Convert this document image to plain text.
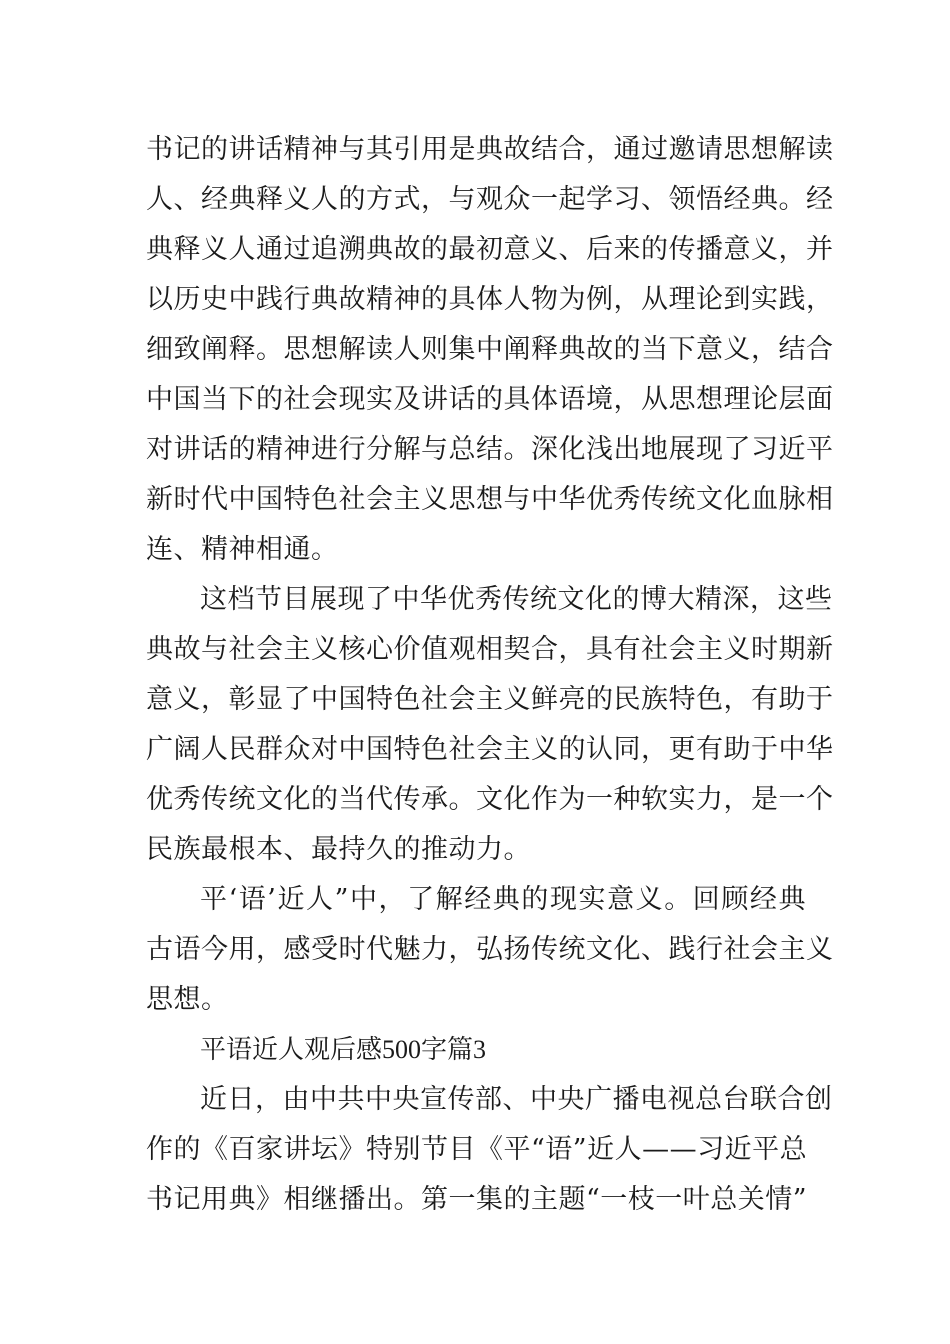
书记的讲话精神与其引用是典故结合，通过邀请思想解读
人、经典释义人的方式，与观众一起学习、领悟经典。经
典释义人通过追溯典故的最初意义、后来的传播意义，并
以历史中践行典故精神的具体人物为例，从理论到实践，
细致阐释。思想解读人则集中阐释典故的当下意义，结合
中国当下的社会现实及讲话的具体语境，从思想理论层面
对讲话的精神进行分解与总结。深化浅出地展现了习近平
新时代中国特色社会主义思想与中华优秀传统文化血脉相
连、精神相通。
这档节目展现了中华优秀传统文化的博大精深，这些
典故与社会主义核心价值观相契合，具有社会主义时期新
意义，彰显了中国特色社会主义鲜亮的民族特色，有助于
广阔人民群众对中国特色社会主义的认同，更有助于中华
优秀传统文化的当代传承。文化作为一种软实力，是一个
民族最根本、最持久的推动力。
平‘语’近人”中，了解经典的现实意义。回顾经典
古语今用，感受时代魅力，弘扬传统文化、践行社会主义
思想。
平语近人观后感500字篇3
近日，由中共中央宣传部、中央广播电视总台联合创
作的《百家讲坛》特别节目《平“语”近人——习近平总
书记用典》相继播出。第一集的主题“一枝一叶总关情”
